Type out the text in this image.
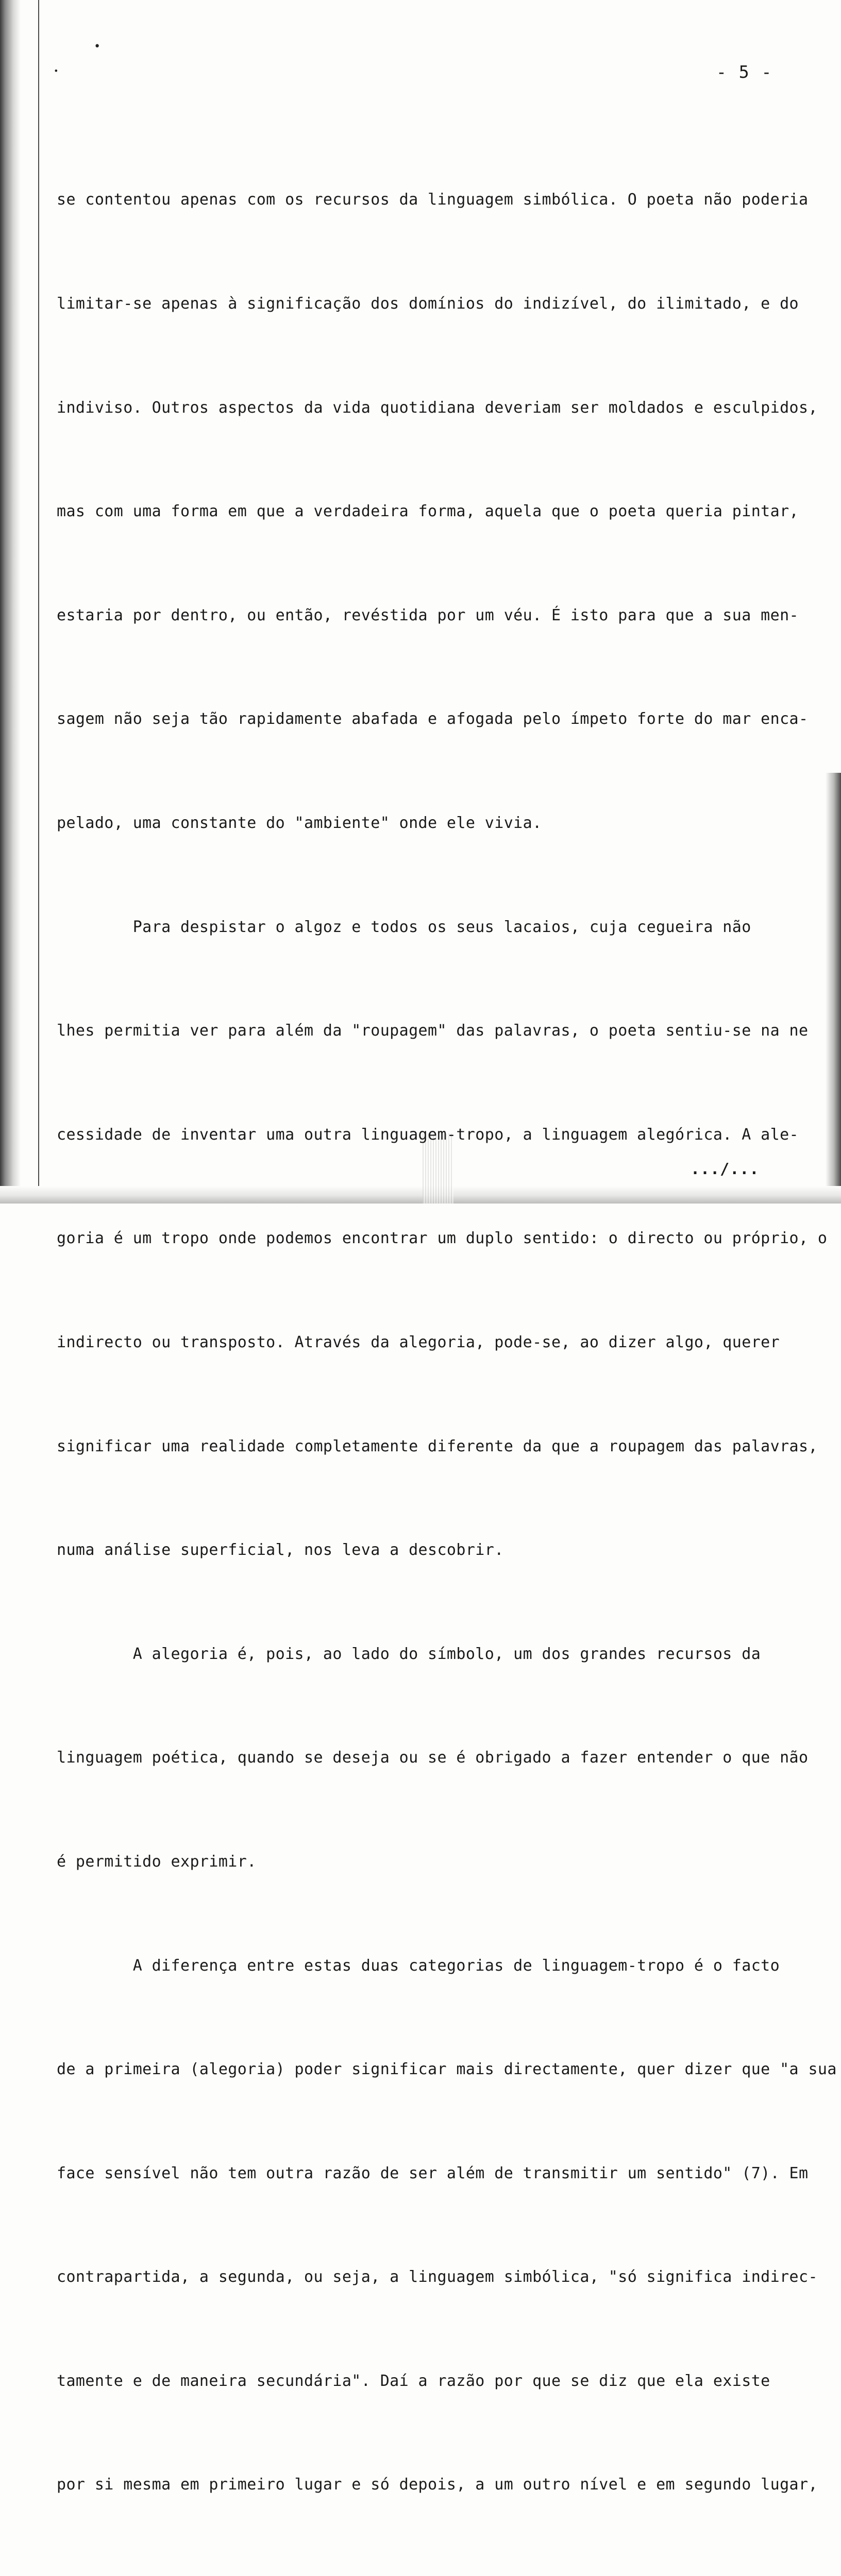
•
•	- 5 -

se contentou apenas com os recursos da linguagem simbólica. O poeta não poderia

limitar-se apenas à significação dos domínios do indizível, do ilimitado, e do

indiviso. Outros aspectos da vida quotidiana deveriam ser moldados e esculpidos,

mas com uma forma em que a verdadeira forma, aquela que o poeta queria pintar,

estaria por dentro, ou então, revéstida por um véu. É isto para que a sua men-

sagem não seja tão rapidamente abafada e afogada pelo ímpeto forte do mar enca-

pelado, uma constante do "ambiente" onde ele vivia.

Para despistar o algoz e todos os seus lacaios, cuja cegueira não

lhes permitia ver para além da "roupagem" das palavras, o poeta sentiu-se na ne

cessidade de inventar uma outra linguagem-tropo, a linguagem alegórica. A ale-

goria é um tropo onde podemos encontrar um duplo sentido: o directo ou próprio, o

indirecto ou transposto. Através da alegoria, pode-se, ao dizer algo, querer

significar uma realidade completamente diferente da que a roupagem das palavras,

numa análise superficial, nos leva a descobrir.

A alegoria é, pois, ao lado do símbolo, um dos grandes recursos da

linguagem poética, quando se deseja ou se é obrigado a fazer entender o que não

é permitido exprimir.

A diferença entre estas duas categorias de linguagem-tropo é o facto

de a primeira (alegoria) poder significar mais directamente, quer dizer que "a sua

face sensível não tem outra razão de ser além de transmitir um sentido" (7). Em

contrapartida, a segunda, ou seja, a linguagem simbólica, "só significa indirec-

tamente e de maneira secundária". Daí a razão por que se diz que ela existe

por si mesma em primeiro lugar e só depois, a um outro nível e em segundo lugar,

.../...
